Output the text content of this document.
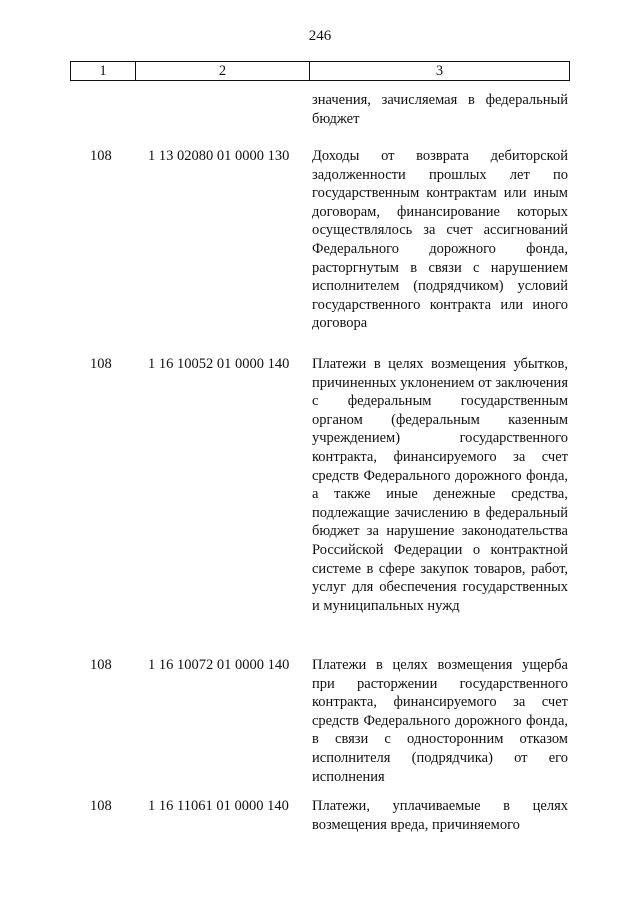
246
1	2	3
значения, зачисляемая в федеральный бюджет
108	1 13 02080 01 0000 130 Доходы от возврата дебиторской задолженности прошлых лет по государственным контрактам или иным договорам, финансирование которых осуществлялось за счет ассигнований Федерального дорожного фонда, расторгнутым в связи с нарушением исполнителем (подрядчиком) условий государственного контракта или иного договора
108	1 16 10052 01 0000 140 Платежи в целях возмещения убытков, причиненных уклонением от заключения с федеральным государственным органом (федеральным казенным учреждением) государственного контракта, финансируемого за счет средств Федерального дорожного фонда, а также иные денежные средства, подлежащие зачислению в федеральный бюджет за нарушение законодательства Российской Федерации о контрактной системе в сфере закупок товаров, работ, услуг для обеспечения государственных и муниципальных нужд
108	1 16 10072 01 0000 140 Платежи в целях возмещения ущерба при расторжении государственного контракта, финансируемого за счет средств Федерального дорожного фонда, в связи с односторонним отказом исполнителя (подрядчика) от его исполнения
108	1 16 11061 01 0000 140 Платежи, уплачиваемые в целях возмещения вреда, причиняемого
